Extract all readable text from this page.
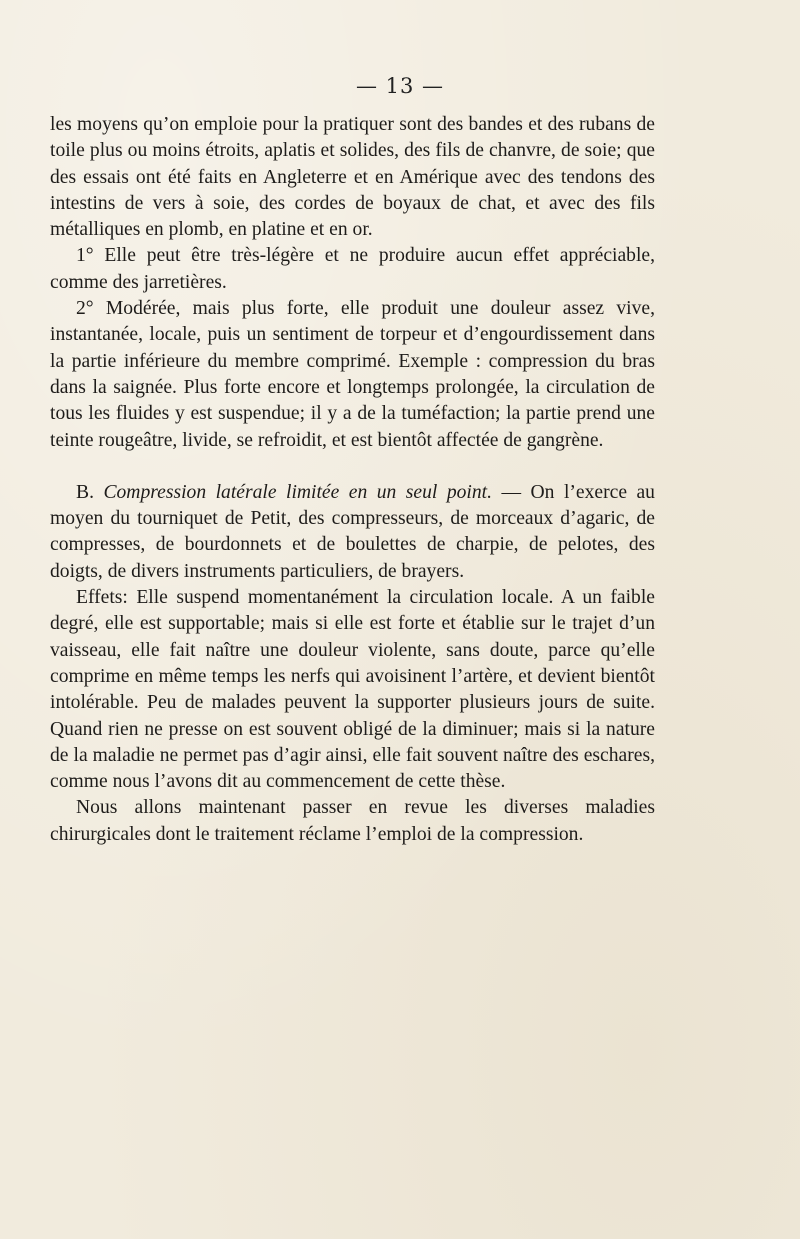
— 13 —

les moyens qu’on emploie pour la pratiquer sont des bandes et des rubans de toile plus ou moins étroits, aplatis et solides, des fils de chanvre, de soie; que des essais ont été faits en Angleterre et en Amérique avec des tendons des intestins de vers à soie, des cordes de boyaux de chat, et avec des fils métalliques en plomb, en platine et en or.

1° Elle peut être très-légère et ne produire aucun effet appréciable, comme des jarretières.

2° Modérée, mais plus forte, elle produit une douleur assez vive, instantanée, locale, puis un sentiment de torpeur et d’engourdissement dans la partie inférieure du membre comprimé. Exemple : compression du bras dans la saignée. Plus forte encore et longtemps prolongée, la circulation de tous les fluides y est suspendue; il y a de la tuméfaction; la partie prend une teinte rougeâtre, livide, se refroidit, et est bientôt affectée de gangrène.

B. Compression latérale limitée en un seul point. — On l’exerce au moyen du tourniquet de Petit, des compresseurs, de morceaux d’agaric, de compresses, de bourdonnets et de boulettes de charpie, de pelotes, des doigts, de divers instruments particuliers, de brayers.

Effets: Elle suspend momentanément la circulation locale. A un faible degré, elle est supportable; mais si elle est forte et établie sur le trajet d’un vaisseau, elle fait naître une douleur violente, sans doute, parce qu’elle comprime en même temps les nerfs qui avoisinent l’artère, et devient bientôt intolérable. Peu de malades peuvent la supporter plusieurs jours de suite. Quand rien ne presse on est souvent obligé de la diminuer; mais si la nature de la maladie ne permet pas d’agir ainsi, elle fait souvent naître des eschares, comme nous l’avons dit au commencement de cette thèse.

Nous allons maintenant passer en revue les diverses maladies chirurgicales dont le traitement réclame l’emploi de la compression.
